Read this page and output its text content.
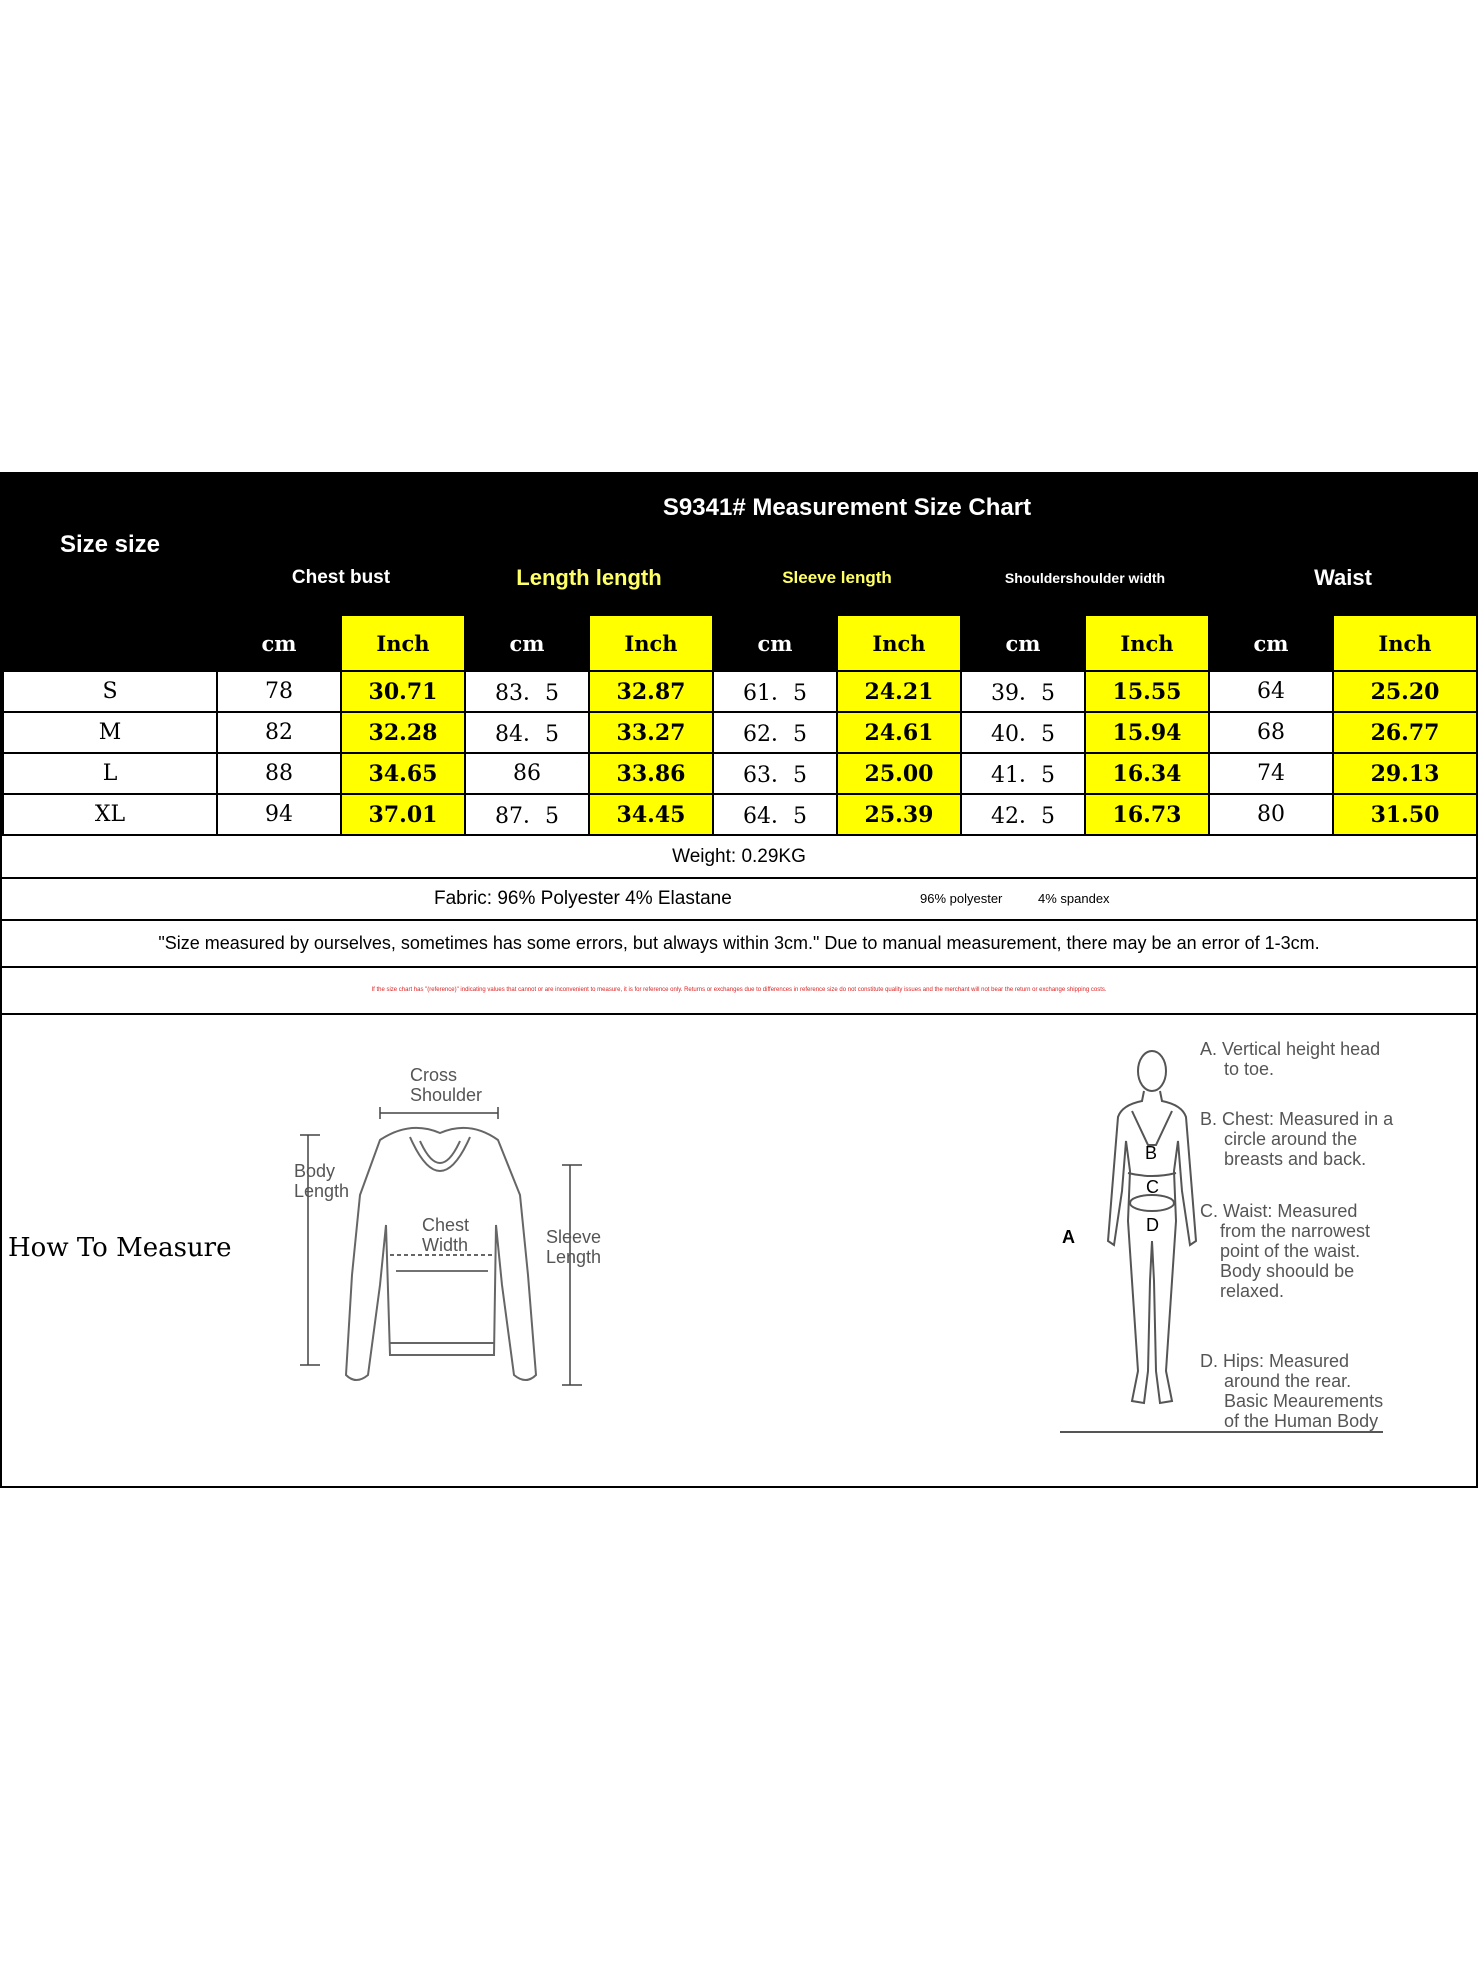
Size size	S9341# Measurement Size Chart									
	Chest bust		Length length		Sleeve length		Shouldershoulder width		Waist	
	cm	Inch	cm	Inch	cm	Inch	cm	Inch	cm	Inch
S	78	30.71	83．5	32.87	61．5	24.21	39．5	15.55	64	25.20
M	82	32.28	84．5	33.27	62．5	24.61	40．5	15.94	68	26.77
L	88	34.65	86	33.86	63．5	25.00	41．5	16.34	74	29.13
XL	94	37.01	87．5	34.45	64．5	25.39	42．5	16.73	80	31.50
Weight: 0.29KG
Fabric: 96% Polyester 4% Elastane	96% polyester	4% spandex
"Size measured by ourselves, sometimes has some errors, but always within 3cm." Due to manual measurement, there may be an error of 1-3cm.
If the size chart has "(reference)" indicating values that cannot or are inconvenient to measure, it is for reference only. Returns or exchanges due to differences in reference size do not constitute quality issues and the merchant will not bear the return or exchange shipping costs.
How To Measure

Cross

Shoulder

Body

Length

Chest

Width	Sleeve

Length

A
B
C
D

A. Vertical height head

to toe.

B. Chest: Measured in a

circle around the

breasts and back.

C. Waist: Measured

from the narrowest

point of the waist.

Body shoould be

relaxed.

D. Hips: Measured

around the rear.

Basic Meaurements

of the Human Body
